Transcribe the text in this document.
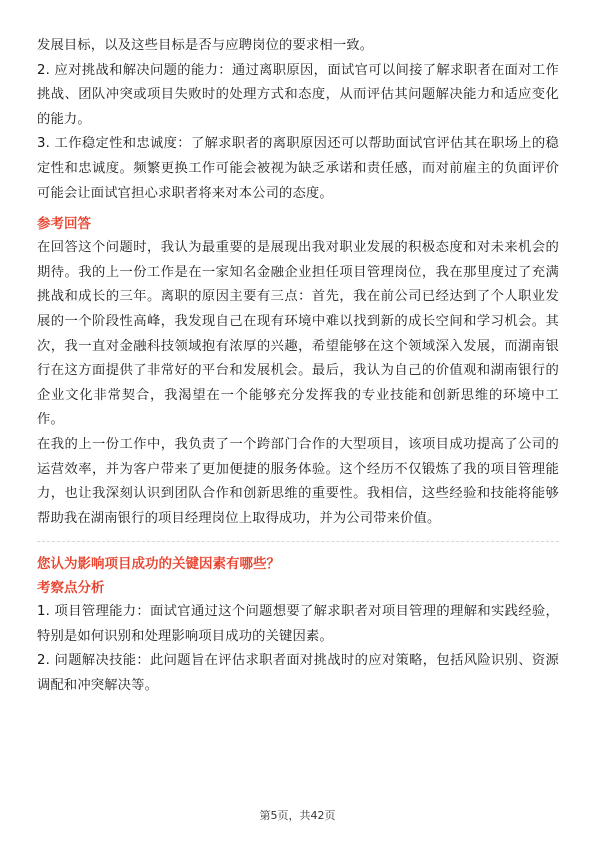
发展目标，以及这些目标是否与应聘岗位的要求相一致。

2. 应对挑战和解决问题的能力：通过离职原因，面试官可以间接了解求职者在面对工作挑战、团队冲突或项目失败时的处理方式和态度，从而评估其问题解决能力和适应变化的能力。

3. 工作稳定性和忠诚度：了解求职者的离职原因还可以帮助面试官评估其在职场上的稳定性和忠诚度。频繁更换工作可能会被视为缺乏承诺和责任感，而对前雇主的负面评价可能会让面试官担心求职者将来对本公司的态度。

参考回答

在回答这个问题时，我认为最重要的是展现出我对职业发展的积极态度和对未来机会的期待。我的上一份工作是在一家知名金融企业担任项目管理岗位，我在那里度过了充满挑战和成长的三年。离职的原因主要有三点：首先，我在前公司已经达到了个人职业发展的一个阶段性高峰，我发现自己在现有环境中难以找到新的成长空间和学习机会。其次，我一直对金融科技领域抱有浓厚的兴趣，希望能够在这个领域深入发展，而湖南银行在这方面提供了非常好的平台和发展机会。最后，我认为自己的价值观和湖南银行的企业文化非常契合，我渴望在一个能够充分发挥我的专业技能和创新思维的环境中工作。

在我的上一份工作中，我负责了一个跨部门合作的大型项目，该项目成功提高了公司的运营效率，并为客户带来了更加便捷的服务体验。这个经历不仅锻炼了我的项目管理能力，也让我深刻认识到团队合作和创新思维的重要性。我相信，这些经验和技能将能够帮助我在湖南银行的项目经理岗位上取得成功，并为公司带来价值。

您认为影响项目成功的关键因素有哪些？

考察点分析

1. 项目管理能力：面试官通过这个问题想要了解求职者对项目管理的理解和实践经验，特别是如何识别和处理影响项目成功的关键因素。

2. 问题解决技能：此问题旨在评估求职者面对挑战时的应对策略，包括风险识别、资源调配和冲突解决等。

第5页，共42页
